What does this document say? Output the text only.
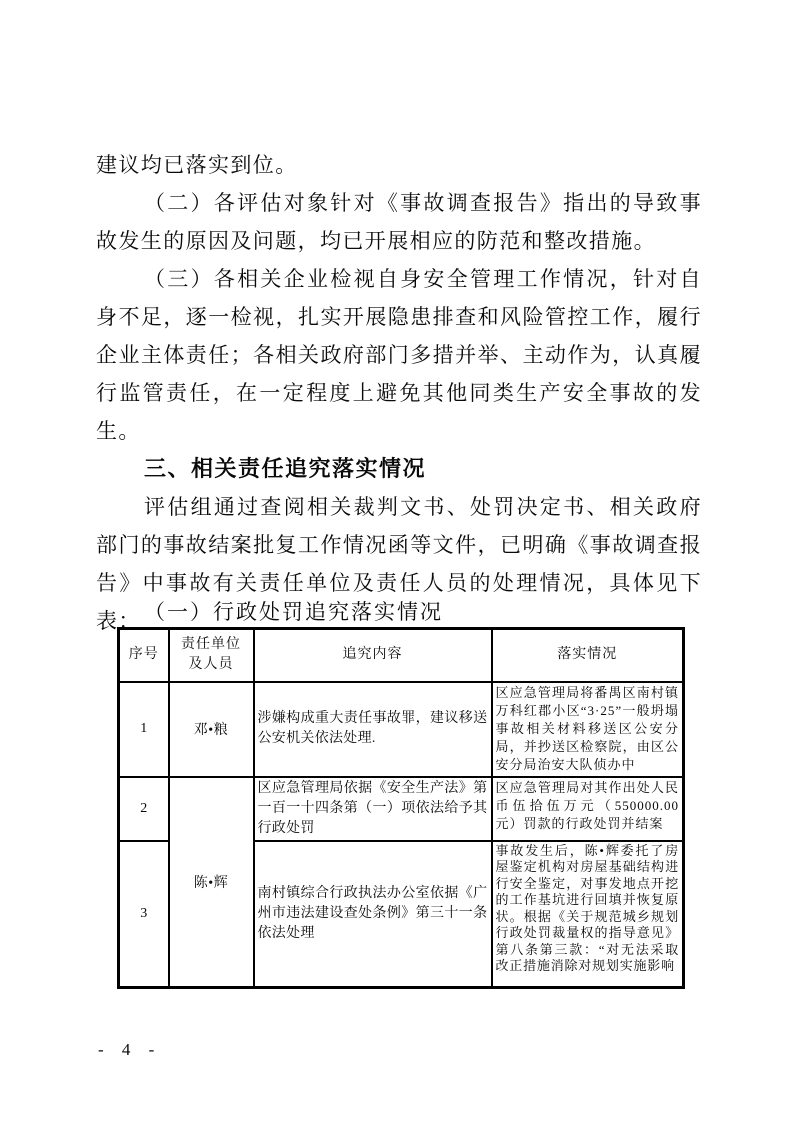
建议均已落实到位。

（二）各评估对象针对《事故调查报告》指出的导致事故发生的原因及问题，均已开展相应的防范和整改措施。

（三）各相关企业检视自身安全管理工作情况，针对自身不足，逐一检视，扎实开展隐患排查和风险管控工作，履行企业主体责任；各相关政府部门多措并举、主动作为，认真履行监管责任，在一定程度上避免其他同类生产安全事故的发生。

三、相关责任追究落实情况

评估组通过查阅相关裁判文书、处罚决定书、相关政府部门的事故结案批复工作情况函等文件，已明确《事故调查报告》中事故有关责任单位及责任人员的处理情况，具体见下表： （一）行政处罚追究落实情况
序号	责任单位及人员	追究内容	落实情况
1	邓•粮	涉嫌构成重大责任事故罪，建议移送公安机关依法处理.	区应急管理局将番禺区南村镇万科红郡小区“3·25”一般坍塌事故相关材料移送区公安分局，并抄送区检察院，由区公安分局治安大队侦办中
2	陈•辉	区应急管理局依据《安全生产法》第一百一十四条第（一）项依法给予其行政处罚	区应急管理局对其作出处人民币伍拾伍万元（550000.00元）罚款的行政处罚并结案
3		南村镇综合行政执法办公室依据《广州市违法建设查处条例》第三十一条依法处理	事故发生后，陈•辉委托了房屋鉴定机构对房屋基础结构进行安全鉴定，对事发地点开挖的工作基坑进行回填并恢复原状。根据《关于规范城乡规划行政处罚裁量权的指导意见》第八条第三款：“对无法采取改正措施消除对规划实施影响
- 4 -
